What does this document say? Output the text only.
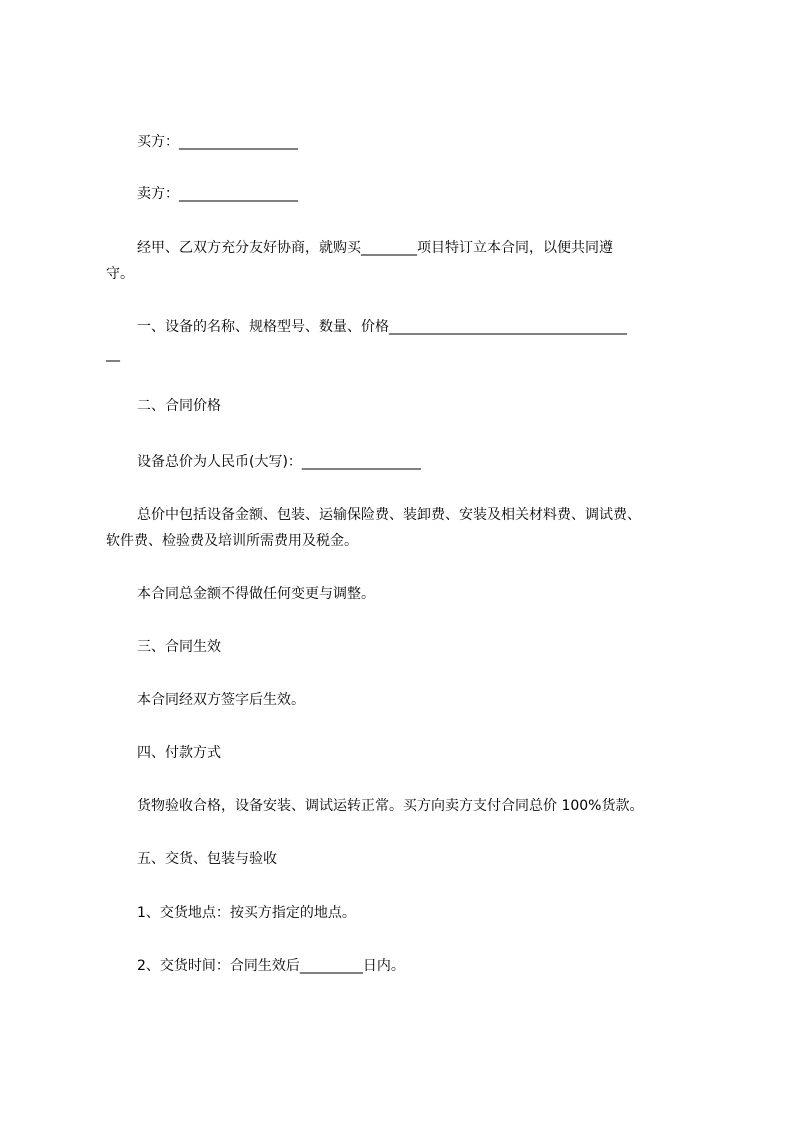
买方：_________________

卖方：_________________

经甲、乙双方充分友好协商，就购买________项目特订立本合同，以便共同遵

守。

一、设备的名称、规格型号、数量、价格__________________________________

__

二、合同价格

设备总价为人民币(大写)：_________________

总价中包括设备金额、包装、运输保险费、装卸费、安装及相关材料费、调试费、

软件费、检验费及培训所需费用及税金。

本合同总金额不得做任何变更与调整。

三、合同生效

本合同经双方签字后生效。

四、付款方式

货物验收合格，设备安装、调试运转正常。买方向卖方支付合同总价 100%货款。

五、交货、包装与验收

1、交货地点：按买方指定的地点。

2、交货时间：合同生效后_________日内。
